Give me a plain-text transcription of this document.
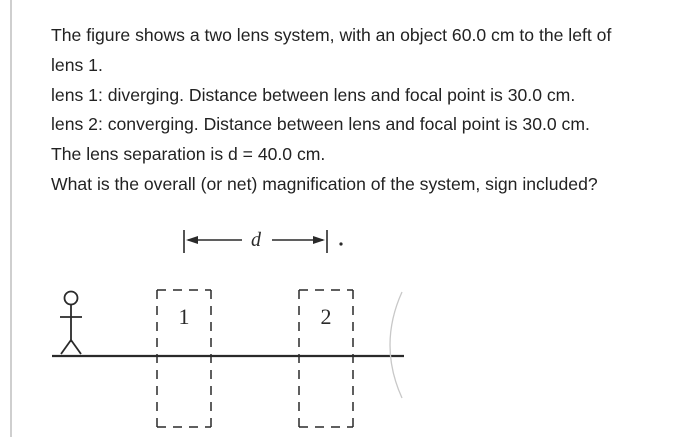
The figure shows a two lens system, with an object 60.0 cm to the left of
lens 1.
lens 1: diverging. Distance between lens and focal point is 30.0 cm.
lens 2: converging. Distance between lens and focal point is 30.0 cm.
The lens separation is d = 40.0 cm.
What is the overall (or net) magnification of the system, sign included?
d
1	2
